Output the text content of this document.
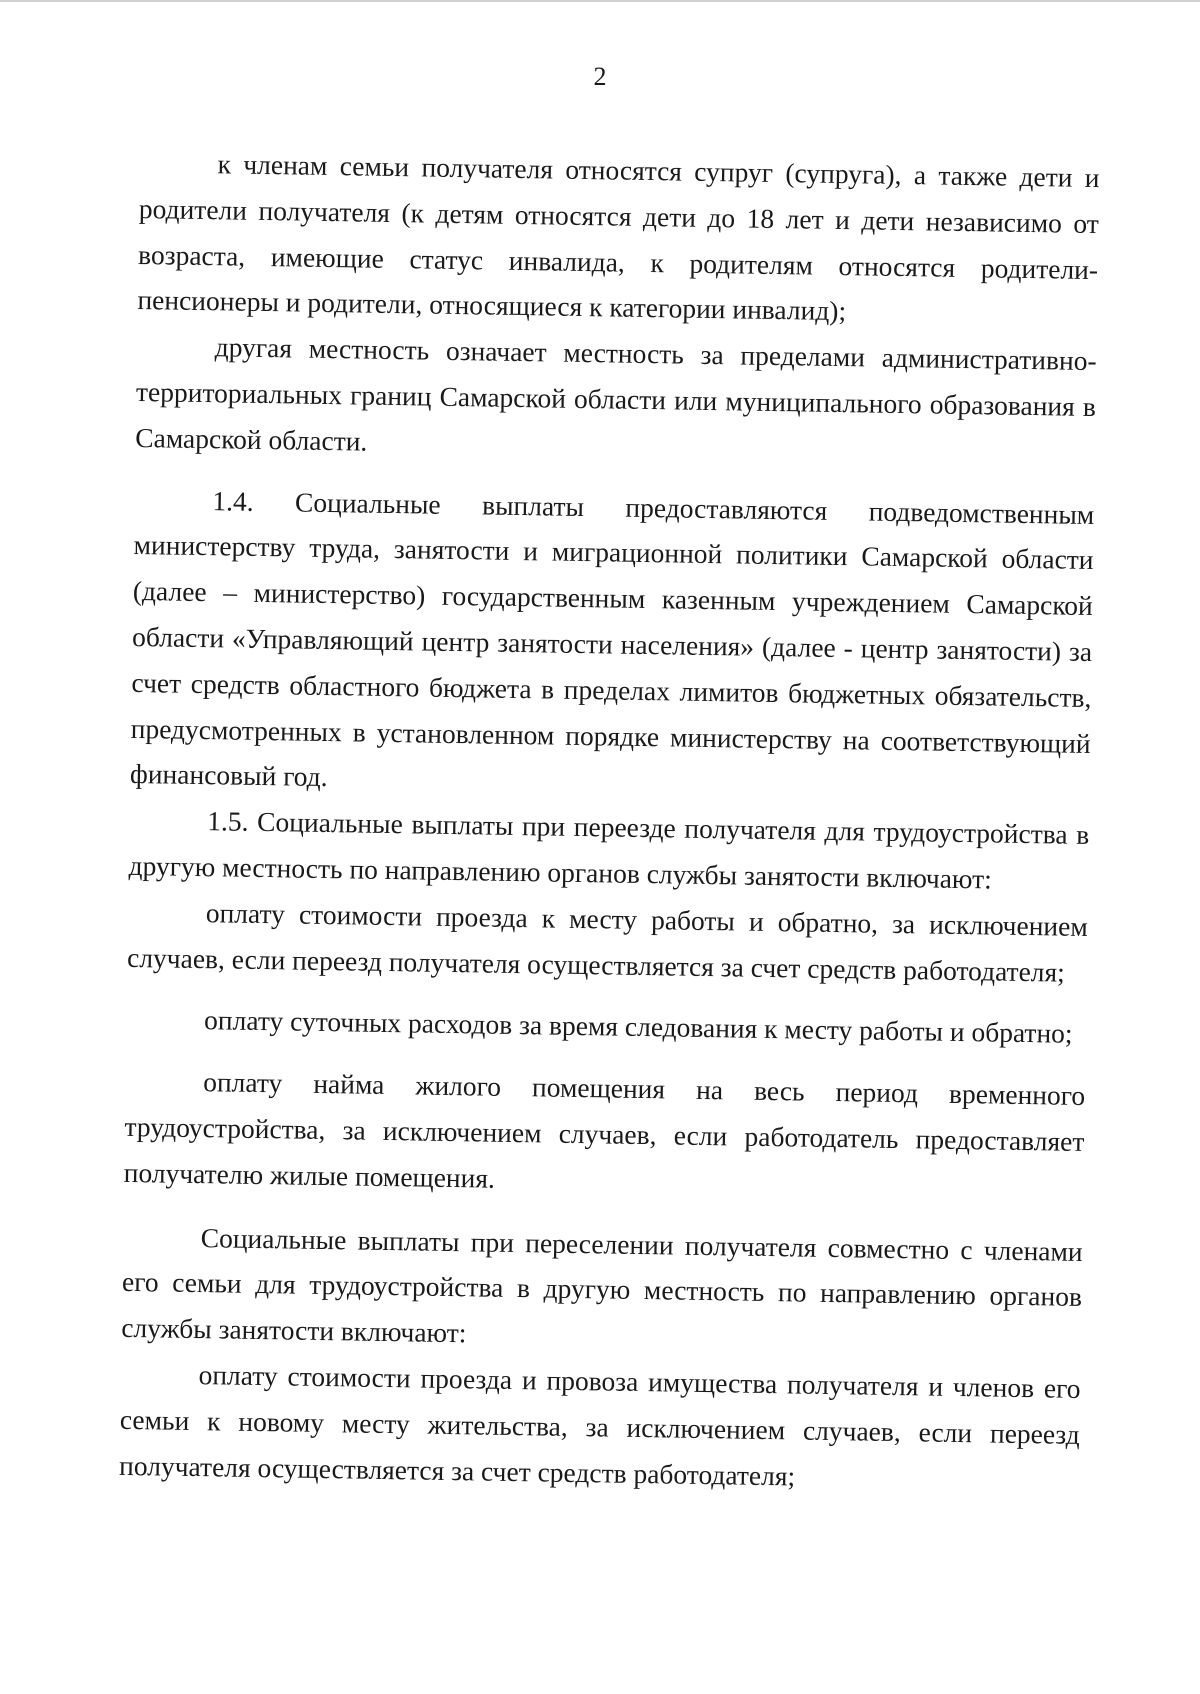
2

к членам семьи получателя относятся супруг (супруга), а также дети и родители получателя (к детям относятся дети до 18 лет и дети независимо от возраста, имеющие статус инвалида, к родителям относятся родители-пенсионеры и родители, относящиеся к категории инвалид);

другая местность означает местность за пределами административно-территориальных границ Самарской области или муниципального образования в Самарской области.

1.4. Социальные выплаты предоставляются подведомственным министерству труда, занятости и миграционной политики Самарской области (далее – министерство) государственным казенным учреждением Самарской области «Управляющий центр занятости населения» (далее - центр занятости) за счет средств областного бюджета в пределах лимитов бюджетных обязательств, предусмотренных в установленном порядке министерству на соответствующий финансовый год.

1.5. Социальные выплаты при переезде получателя для трудоустройства в другую местность по направлению органов службы занятости включают:

оплату стоимости проезда к месту работы и обратно, за исключением случаев, если переезд получателя осуществляется за счет средств работодателя;

оплату суточных расходов за время следования к месту работы и обратно;

оплату найма жилого помещения на весь период временного трудоустройства, за исключением случаев, если работодатель предоставляет получателю жилые помещения.

Социальные выплаты при переселении получателя совместно с членами его семьи для трудоустройства в другую местность по направлению органов службы занятости включают:

оплату стоимости проезда и провоза имущества получателя и членов его семьи к новому месту жительства, за исключением случаев, если переезд получателя осуществляется за счет средств работодателя;
